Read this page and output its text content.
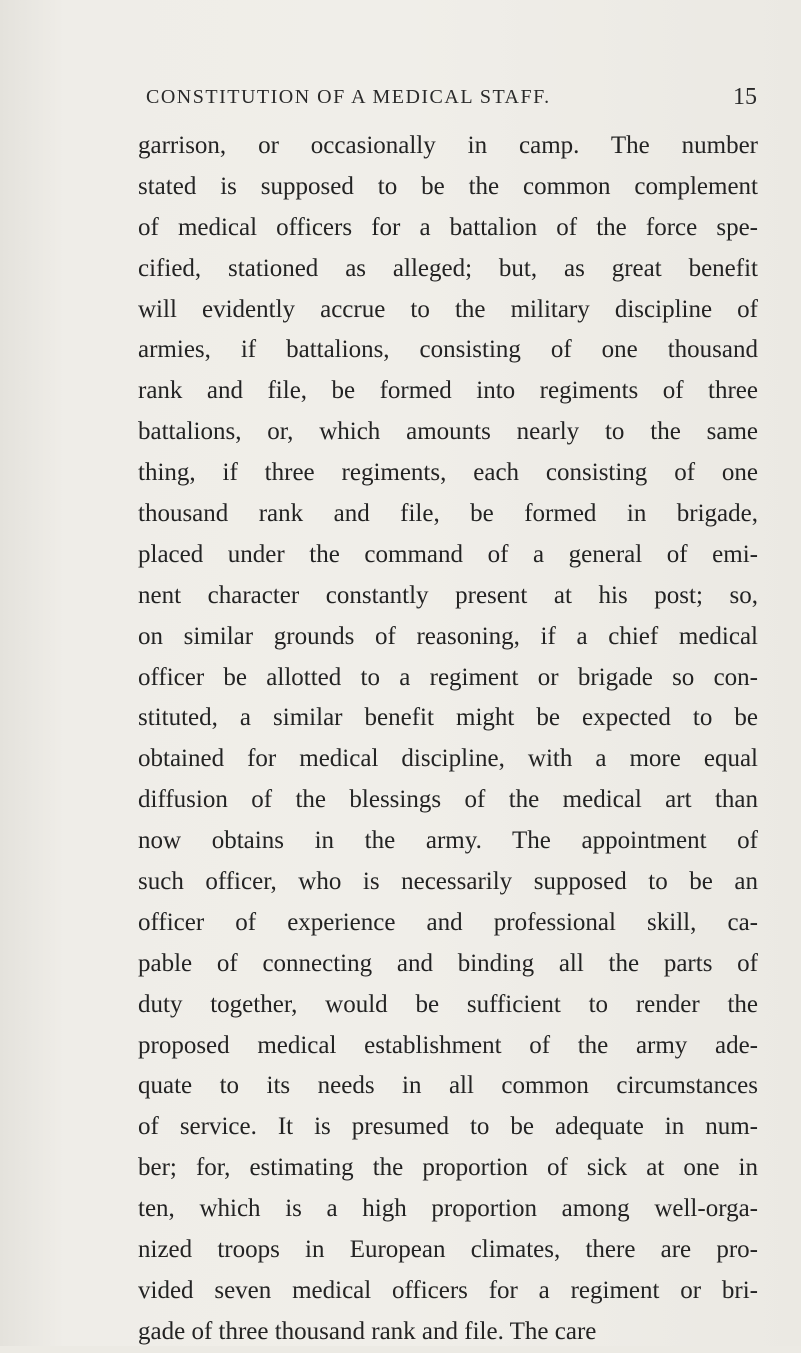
CONSTITUTION OF A MEDICAL STAFF.	15
garrison, or occasionally in camp. The number
stated is supposed to be the common complement
of medical officers for a battalion of the force spe-
cified, stationed as alleged; but, as great benefit
will evidently accrue to the military discipline of
armies, if battalions, consisting of one thousand
rank and file, be formed into regiments of three
battalions, or, which amounts nearly to the same
thing, if three regiments, each consisting of one
thousand rank and file, be formed in brigade,
placed under the command of a general of emi-
nent character constantly present at his post; so,
on similar grounds of reasoning, if a chief medical
officer be allotted to a regiment or brigade so con-
stituted, a similar benefit might be expected to be
obtained for medical discipline, with a more equal
diffusion of the blessings of the medical art than
now obtains in the army. The appointment of
such officer, who is necessarily supposed to be an
officer of experience and professional skill, ca-
pable of connecting and binding all the parts of
duty together, would be sufficient to render the
proposed medical establishment of the army ade-
quate to its needs in all common circumstances
of service. It is presumed to be adequate in num-
ber; for, estimating the proportion of sick at one in
ten, which is a high proportion among well-orga-
nized troops in European climates, there are pro-
vided seven medical officers for a regiment or bri-
gade of three thousand rank and file. The care
